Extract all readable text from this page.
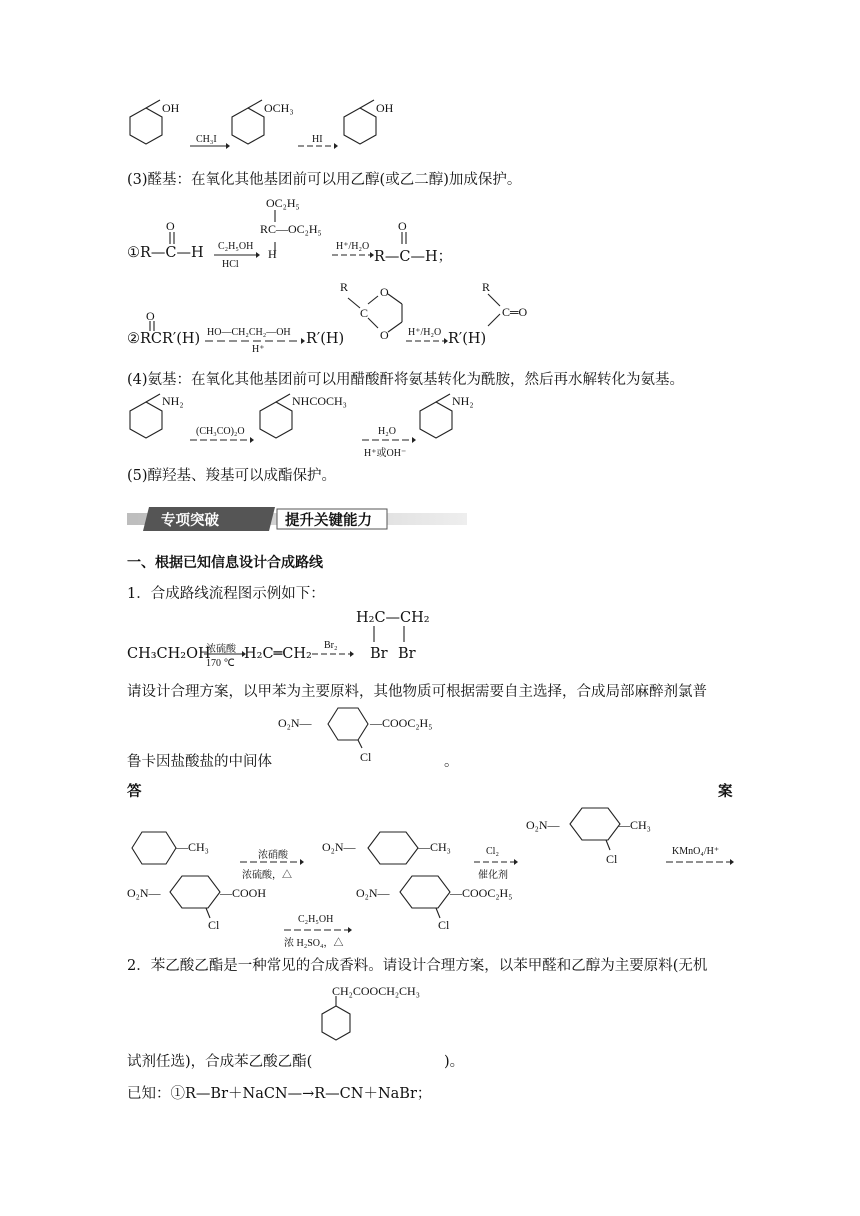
OH
CH₃I
OCH₃
HI
OH
(3)醛基：在氧化其他基团前可以用乙醇(或乙二醇)加成保护。
O
①R—C—H C₂H₅OH
HCl
OC₂H₅
RC—OC₂H₅
H
H⁺/H₂O
O
R—C—H；
O
②RCR′(H) HO—CH₂CH₂—OH
H⁺
R′(H)
R	O
C
O H⁺/H₂O → R′(H)
R
C═O
(4)氨基：在氧化其他基团前可以用醋酸酐将氨基转化为酰胺，然后再水解转化为氨基。
NH₂
(CH₃CO)₂O
NHCOCH₃
H₂O
H⁺或OH⁻
NH₂
(5)醇羟基、羧基可以成酯保护。
专项突破	提升关键能力
一、根据已知信息设计合成路线
1．合成路线流程图示例如下：
CH₃CH₂OH
浓硫酸
170 ℃
H₂C═CH₂
Br₂
H₂C—CH₂
Br Br
请设计合理方案，以甲苯为主要原料，其他物质可根据需要自主选择，合成局部麻醉剂氯普
O₂N—	—COOC₂H₅
Cl
鲁卡因盐酸盐的中间体	。
答	案
—CH₃
浓硝酸
浓硫酸，△
O₂N—	—CH₃	Cl₂
催化剂
O₂N—	—CH₃
Cl
KMnO₄/H⁺
O₂N—	—COOH
Cl	C₂H₅OH
浓 H₂SO₄，△
O₂N—	—COOC₂H₅
Cl
2．苯乙酸乙酯是一种常见的合成香料。请设计合理方案，以苯甲醛和乙醇为主要原料(无机
CH₂COOCH₂CH₃
试剂任选)，合成苯乙酸乙酯(	)。
已知：①R—Br＋NaCN—→R—CN＋NaBr；
